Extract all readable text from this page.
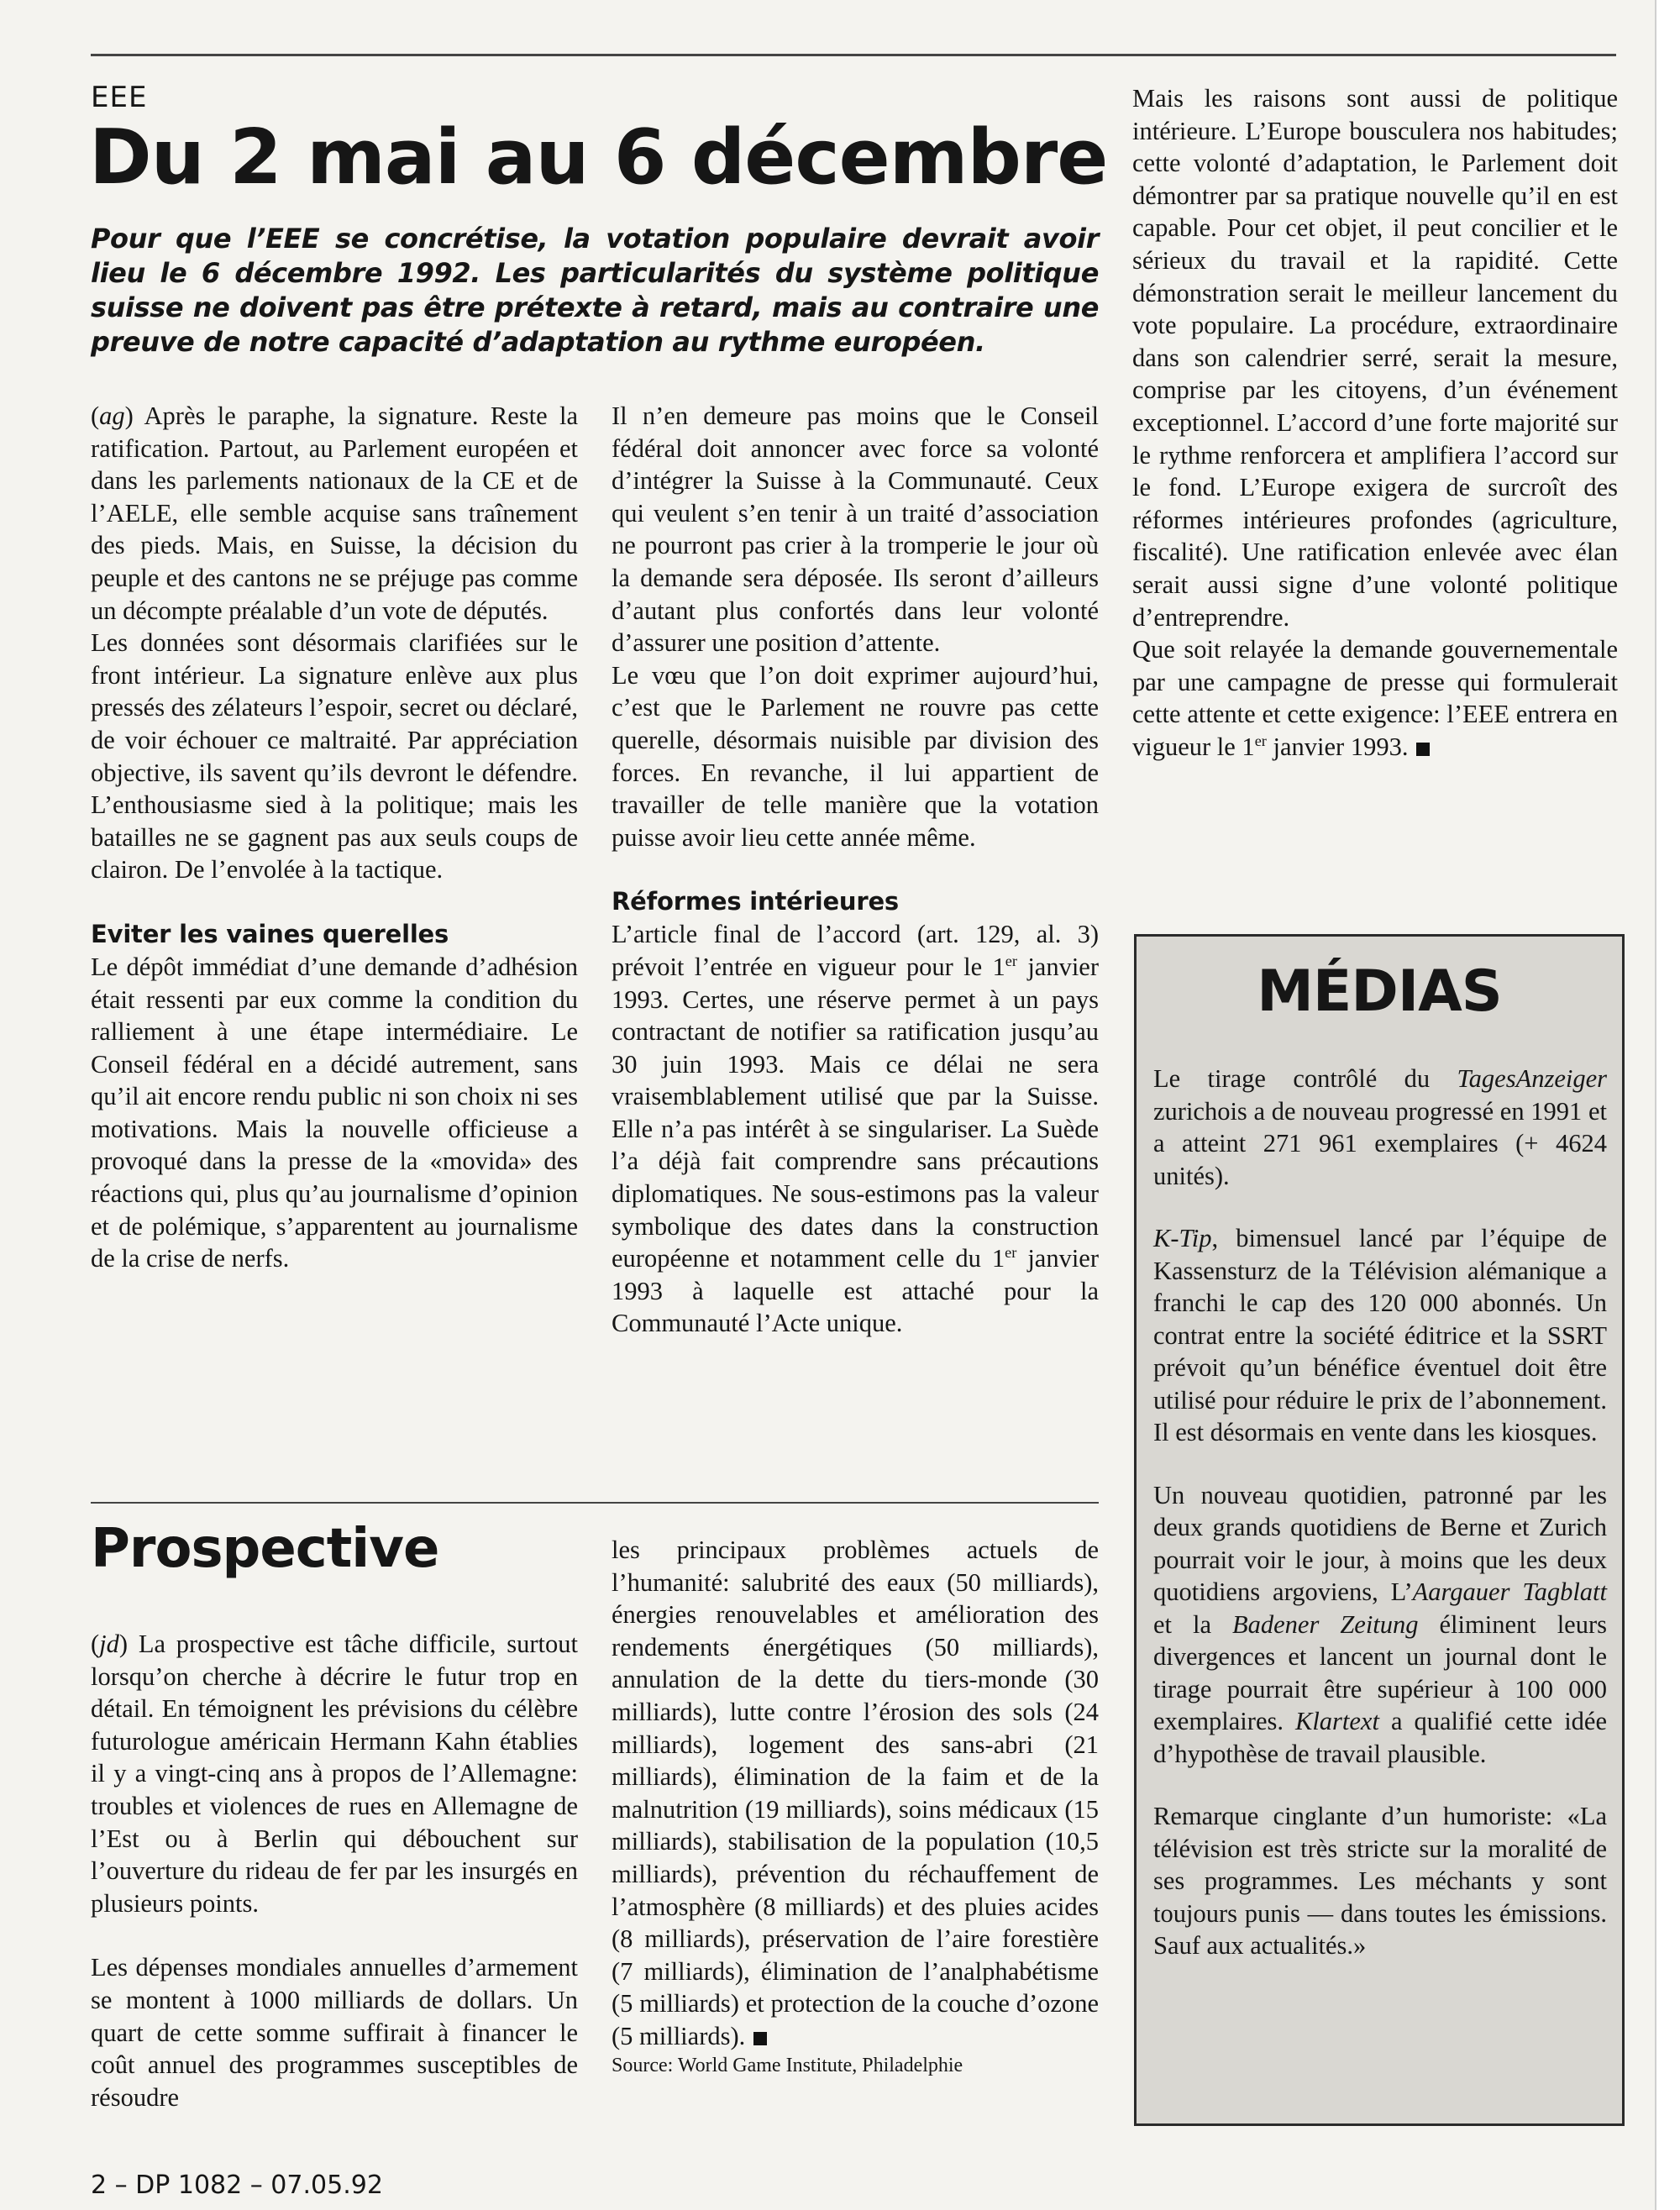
EEE
Du 2 mai au 6 décembre
Pour que l’EEE se concrétise, la votation populaire devrait avoir lieu le 6 décembre 1992. Les particularités du système politique suisse ne doivent pas être prétexte à retard, mais au contraire une preuve de notre capacité d’adaptation au rythme européen.

(ag) Après le paraphe, la signature. Reste la ratification. Partout, au Parlement européen et dans les parlements nationaux de la CE et de l’AELE, elle semble acquise sans traînement des pieds. Mais, en Suisse, la décision du peuple et des cantons ne se préjuge pas comme un décompte préalable d’un vote de députés.

Les données sont désormais clarifiées sur le front intérieur. La signature enlève aux plus pressés des zélateurs l’espoir, secret ou déclaré, de voir échouer ce maltraité. Par appréciation objective, ils savent qu’ils devront le défendre. L’enthousiasme sied à la politique; mais les batailles ne se gagnent pas aux seuls coups de clairon. De l’envolée à la tactique.

Eviter les vaines querelles

Le dépôt immédiat d’une demande d’adhésion était ressenti par eux comme la condition du ralliement à une étape intermédiaire. Le Conseil fédéral en a décidé autrement, sans qu’il ait encore rendu public ni son choix ni ses motivations. Mais la nouvelle officieuse a provoqué dans la presse de la «movida» des réactions qui, plus qu’au journalisme d’opinion et de polémique, s’apparentent au journalisme de la crise de nerfs.

Il n’en demeure pas moins que le Conseil fédéral doit annoncer avec force sa volonté d’intégrer la Suisse à la Communauté. Ceux qui veulent s’en tenir à un traité d’association ne pourront pas crier à la tromperie le jour où la demande sera déposée. Ils seront d’ailleurs d’autant plus confortés dans leur volonté d’assurer une position d’attente.

Le vœu que l’on doit exprimer aujourd’hui, c’est que le Parlement ne rouvre pas cette querelle, désormais nuisible par division des forces. En revanche, il lui appartient de travailler de telle manière que la votation puisse avoir lieu cette année même.

Réformes intérieures

L’article final de l’accord (art. 129, al. 3) prévoit l’entrée en vigueur pour le 1er janvier 1993. Certes, une réserve permet à un pays contractant de notifier sa ratification jusqu’au 30 juin 1993. Mais ce délai ne sera vraisemblablement utilisé que par la Suisse. Elle n’a pas intérêt à se singulariser. La Suède l’a déjà fait comprendre sans précautions diplomatiques. Ne sous-estimons pas la valeur symbolique des dates dans la construction européenne et notamment celle du 1er janvier 1993 à laquelle est attaché pour la Communauté l’Acte unique.

Mais les raisons sont aussi de politique intérieure. L’Europe bousculera nos habitudes; cette volonté d’adaptation, le Parlement doit démontrer par sa pratique nouvelle qu’il en est capable. Pour cet objet, il peut concilier et le sérieux du travail et la rapidité. Cette démonstration serait le meilleur lancement du vote populaire. La procédure, extraordinaire dans son calendrier serré, serait la mesure, comprise par les citoyens, d’un événement exceptionnel. L’accord d’une forte majorité sur le rythme renforcera et amplifiera l’accord sur le fond. L’Europe exigera de surcroît des réformes intérieures profondes (agriculture, fiscalité). Une ratification enlevée avec élan serait aussi signe d’une volonté politique d’entreprendre.

Que soit relayée la demande gouvernementale par une campagne de presse qui formulerait cette attente et cette exigence: l’EEE entrera en vigueur le 1er janvier 1993.

Prospective

(jd) La prospective est tâche difficile, surtout lorsqu’on cherche à décrire le futur trop en détail. En témoignent les prévisions du célèbre futurologue américain Hermann Kahn établies il y a vingt-cinq ans à propos de l’Allemagne: troubles et violences de rues en Allemagne de l’Est ou à Berlin qui débouchent sur l’ouverture du rideau de fer par les insurgés en plusieurs points.

Les dépenses mondiales annuelles d’armement se montent à 1000 milliards de dollars. Un quart de cette somme suffirait à financer le coût annuel des programmes susceptibles de résoudre

les principaux problèmes actuels de l’humanité: salubrité des eaux (50 milliards), énergies renouvelables et amélioration des rendements énergétiques (50 milliards), annulation de la dette du tiers-monde (30 milliards), lutte contre l’érosion des sols (24 milliards), logement des sans-abri (21 milliards), élimination de la faim et de la malnutrition (19 milliards), soins médicaux (15 milliards), stabilisation de la population (10,5 milliards), prévention du réchauffement de l’atmosphère (8 milliards) et des pluies acides (8 milliards), préservation de l’aire forestière (7 milliards), élimination de l’analphabétisme (5 milliards) et protection de la couche d’ozone (5 milliards).

Source: World Game Institute, Philadelphie
MÉDIAS

Le tirage contrôlé du TagesAnzeiger zurichois a de nouveau progressé en 1991 et a atteint 271 961 exemplaires (+ 4624 unités).

K-Tip, bimensuel lancé par l’équipe de Kassensturz de la Télévision alémanique a franchi le cap des 120 000 abonnés. Un contrat entre la société éditrice et la SSRT prévoit qu’un bénéfice éventuel doit être utilisé pour réduire le prix de l’abonnement. Il est désormais en vente dans les kiosques.

Un nouveau quotidien, patronné par les deux grands quotidiens de Berne et Zurich pourrait voir le jour, à moins que les deux quotidiens argoviens, L’Aargauer Tagblatt et la Badener Zeitung éliminent leurs divergences et lancent un journal dont le tirage pourrait être supérieur à 100 000 exemplaires. Klartext a qualifié cette idée d’hypothèse de travail plausible.

Remarque cinglante d’un humoriste: «La télévision est très stricte sur la moralité de ses programmes. Les méchants y sont toujours punis — dans toutes les émissions. Sauf aux actualités.»

2 – DP 1082 – 07.05.92
